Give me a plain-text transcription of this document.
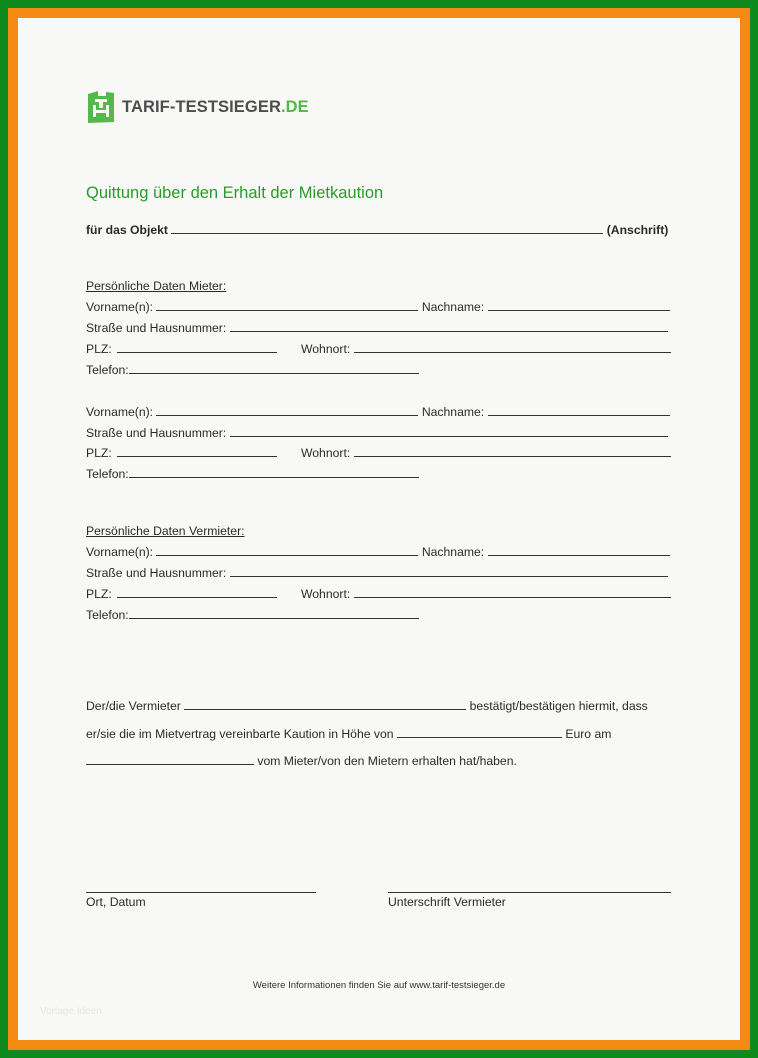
TARIF-TESTSIEGER.DE
Quittung über den Erhalt der Mietkaution
für das Objekt	(Anschrift)
Persönliche Daten Mieter:
Vorname(n):	Nachname:
Straße und Hausnummer:
PLZ:	Wohnort:
Telefon:
Vorname(n):	Nachname:
Straße und Hausnummer:
PLZ:	Wohnort:
Telefon:
Persönliche Daten Vermieter:
Vorname(n):	Nachname:
Straße und Hausnummer:
PLZ:	Wohnort:
Telefon:
Der/die Vermieter	bestätigt/bestätigen hiermit, dass
er/sie die im Mietvertrag vereinbarte Kaution in Höhe von	Euro am
vom Mieter/von den Mietern erhalten hat/haben.
Ort, Datum	Unterschrift Vermieter
Weitere Informationen finden Sie auf www.tarif-testsieger.de
Vorlage Ideen
